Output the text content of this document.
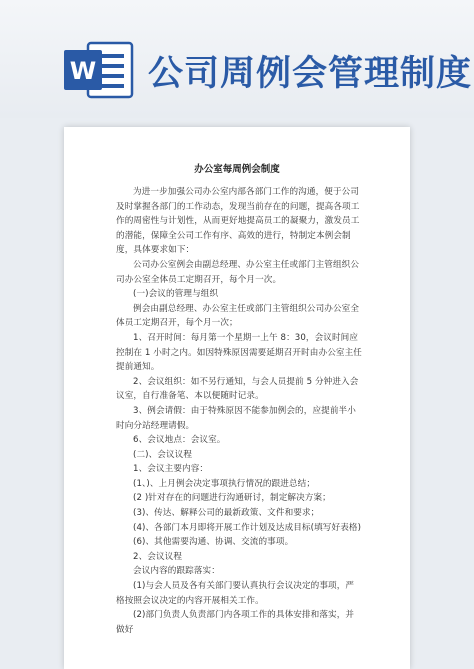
W 公司周例会管理制度
办公室每周例会制度

为进一步加强公司办公室内部各部门工作的沟通，便于公司及时掌握各部门的工作动态，发现当前存在的问题，提高各项工作的周密性与计划性，从而更好地提高员工的凝聚力，激发员工的潜能，保障全公司工作有序、高效的进行，特制定本例会制度，具体要求如下：

公司办公室例会由副总经理、办公室主任或部门主管组织公司办公室全体员工定期召开，每个月一次。

(一)会议的管理与组织

例会由副总经理、办公室主任或部门主管组织公司办公室全体员工定期召开，每个月一次；

1、召开时间：每月第一个星期一上午 8：30，会议时间应控制在 1 小时之内。如因特殊原因需要延期召开时由办公室主任提前通知。

2、会议组织：如不另行通知，与会人员提前 5 分钟进入会议室，自行准备笔、本以便随时记录。

3、例会请假：由于特殊原因不能参加例会的，应提前半小时向分站经理请假。

6、会议地点：会议室。

(二)、会议议程

1、会议主要内容：

(1、)、上月例会决定事项执行情况的跟进总结；

(2 )针对存在的问题进行沟通研讨，制定解决方案；

(3)、传达、解释公司的最新政策、文件和要求；

(4)、各部门本月即将开展工作计划及达成目标(填写好表格)

(6)、其他需要沟通、协调、交流的事项。

2、会议议程

会议内容的跟踪落实：

(1)与会人员及各有关部门要认真执行会议决定的事项，严格按照会议决定的内容开展相关工作。

(2)部门负责人负责部门内各项工作的具体安排和落实，并做好
